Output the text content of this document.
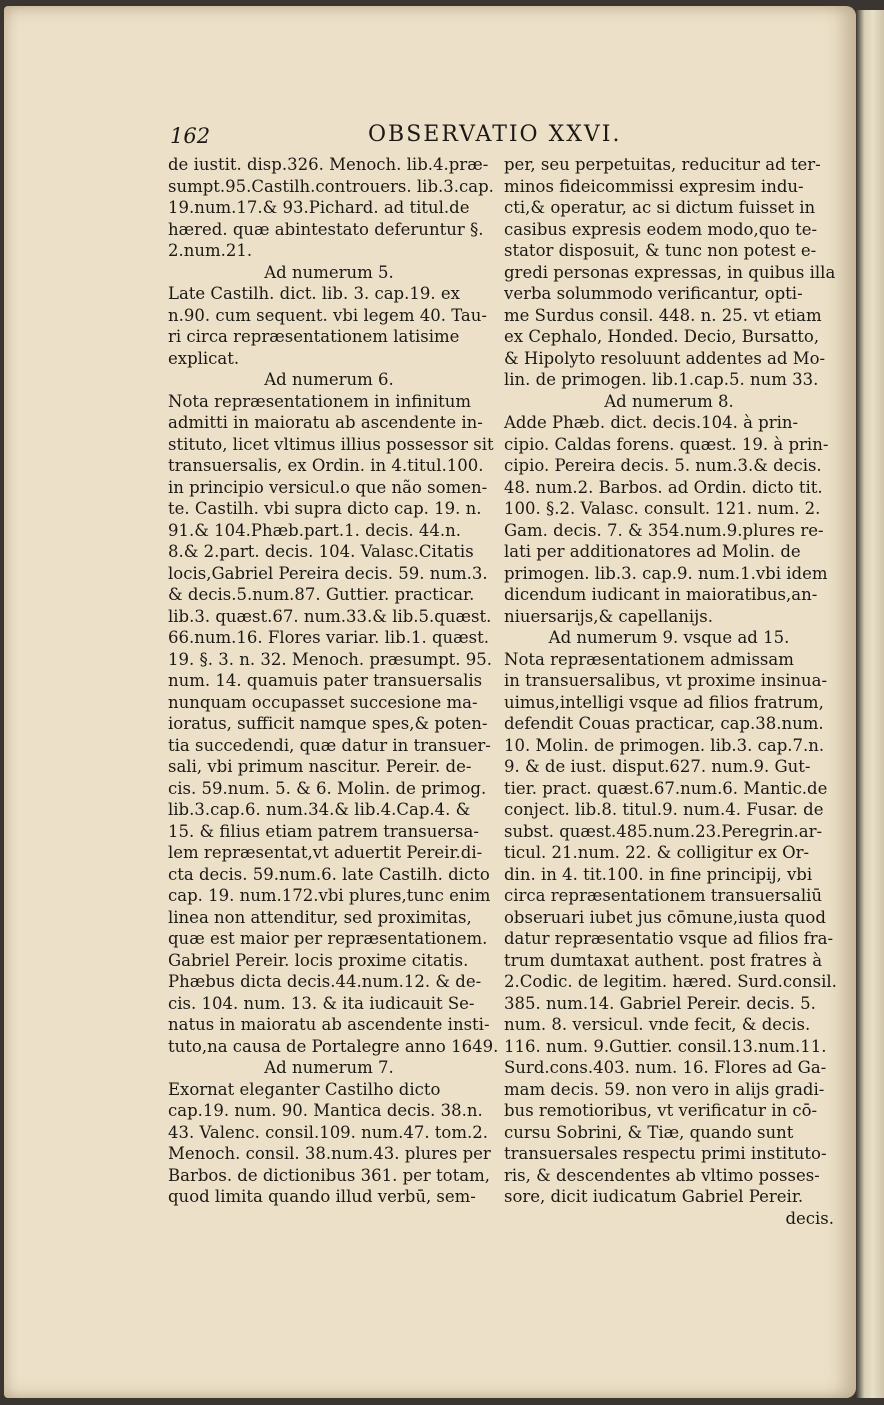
162	OBSERVATIO XXVI.
de iustit. disp.326. Menoch. lib.4.præ-
sumpt.95.Castilh.controuers. lib.3.cap.
19.num.17.& 93.Pichard. ad titul.de
hæred. quæ abintestato deferuntur §.
2.num.21.
Ad numerum 5.
Late Castilh. dict. lib. 3. cap.19. ex
n.90. cum sequent. vbi legem 40. Tau-
ri circa repræsentationem latisime
explicat.
Ad numerum 6.
Nota repræsentationem in infinitum
admitti in maioratu ab ascendente in-
stituto, licet vltimus illius possessor sit
transuersalis, ex Ordin. in 4.titul.100.
in principio versicul.o que não somen-
te. Castilh. vbi supra dicto cap. 19. n.
91.& 104.Phæb.part.1. decis. 44.n.
8.& 2.part. decis. 104. Valasc.Citatis
locis,Gabriel Pereira decis. 59. num.3.
& decis.5.num.87. Guttier. practicar.
lib.3. quæst.67. num.33.& lib.5.quæst.
66.num.16. Flores variar. lib.1. quæst.
19. §. 3. n. 32. Menoch. præsumpt. 95.
num. 14. quamuis pater transuersalis
nunquam occupasset succesione ma-
ioratus, sufficit namque spes,& poten-
tia succedendi, quæ datur in transuer-
sali, vbi primum nascitur. Pereir. de-
cis. 59.num. 5. & 6. Molin. de primog.
lib.3.cap.6. num.34.& lib.4.Cap.4. &
15. & filius etiam patrem transuersa-
lem repræsentat,vt aduertit Pereir.di-
cta decis. 59.num.6. late Castilh. dicto
cap. 19. num.172.vbi plures,tunc enim
linea non attenditur, sed proximitas,
quæ est maior per repræsentationem.
Gabriel Pereir. locis proxime citatis.
Phæbus dicta decis.44.num.12. & de-
cis. 104. num. 13. & ita iudicauit Se-
natus in maioratu ab ascendente insti-
tuto,na causa de Portalegre anno 1649.
Ad numerum 7.
Exornat eleganter Castilho dicto
cap.19. num. 90. Mantica decis. 38.n.
43. Valenc. consil.109. num.47. tom.2.
Menoch. consil. 38.num.43. plures per
Barbos. de dictionibus 361. per totam,
quod limita quando illud verbū, sem-
per, seu perpetuitas, reducitur ad ter-
minos fideicommissi expresim indu-
cti,& operatur, ac si dictum fuisset in
casibus expresis eodem modo,quo te-
stator disposuit, & tunc non potest e-
gredi personas expressas, in quibus illa
verba solummodo verificantur, opti-
me Surdus consil. 448. n. 25. vt etiam
ex Cephalo, Honded. Decio, Bursatto,
& Hipolyto resoluunt addentes ad Mo-
lin. de primogen. lib.1.cap.5. num 33.
Ad numerum 8.
Adde Phæb. dict. decis.104. à prin-
cipio. Caldas forens. quæst. 19. à prin-
cipio. Pereira decis. 5. num.3.& decis.
48. num.2. Barbos. ad Ordin. dicto tit.
100. §.2. Valasc. consult. 121. num. 2.
Gam. decis. 7. & 354.num.9.plures re-
lati per additionatores ad Molin. de
primogen. lib.3. cap.9. num.1.vbi idem
dicendum iudicant in maioratibus,an-
niuersarijs,& capellanijs.
Ad numerum 9. vsque ad 15.
Nota repræsentationem admissam
in transuersalibus, vt proxime insinua-
uimus,intelligi vsque ad filios fratrum,
defendit Couas practicar, cap.38.num.
10. Molin. de primogen. lib.3. cap.7.n.
9. & de iust. disput.627. num.9. Gut-
tier. pract. quæst.67.num.6. Mantic.de
conject. lib.8. titul.9. num.4. Fusar. de
subst. quæst.485.num.23.Peregrin.ar-
ticul. 21.num. 22. & colligitur ex Or-
din. in 4. tit.100. in fine principij, vbi
circa repræsentationem transuersaliū
obseruari iubet jus cōmune,iusta quod
datur repræsentatio vsque ad filios fra-
trum dumtaxat authent. post fratres à
2.Codic. de legitim. hæred. Surd.consil.
385. num.14. Gabriel Pereir. decis. 5.
num. 8. versicul. vnde fecit, & decis.
116. num. 9.Guttier. consil.13.num.11.
Surd.cons.403. num. 16. Flores ad Ga-
mam decis. 59. non vero in alijs gradi-
bus remotioribus, vt verificatur in cō-
cursu Sobrini, & Tiæ, quando sunt
transuersales respectu primi instituto-
ris, & descendentes ab vltimo posses-
sore, dicit iudicatum Gabriel Pereir.
decis.
